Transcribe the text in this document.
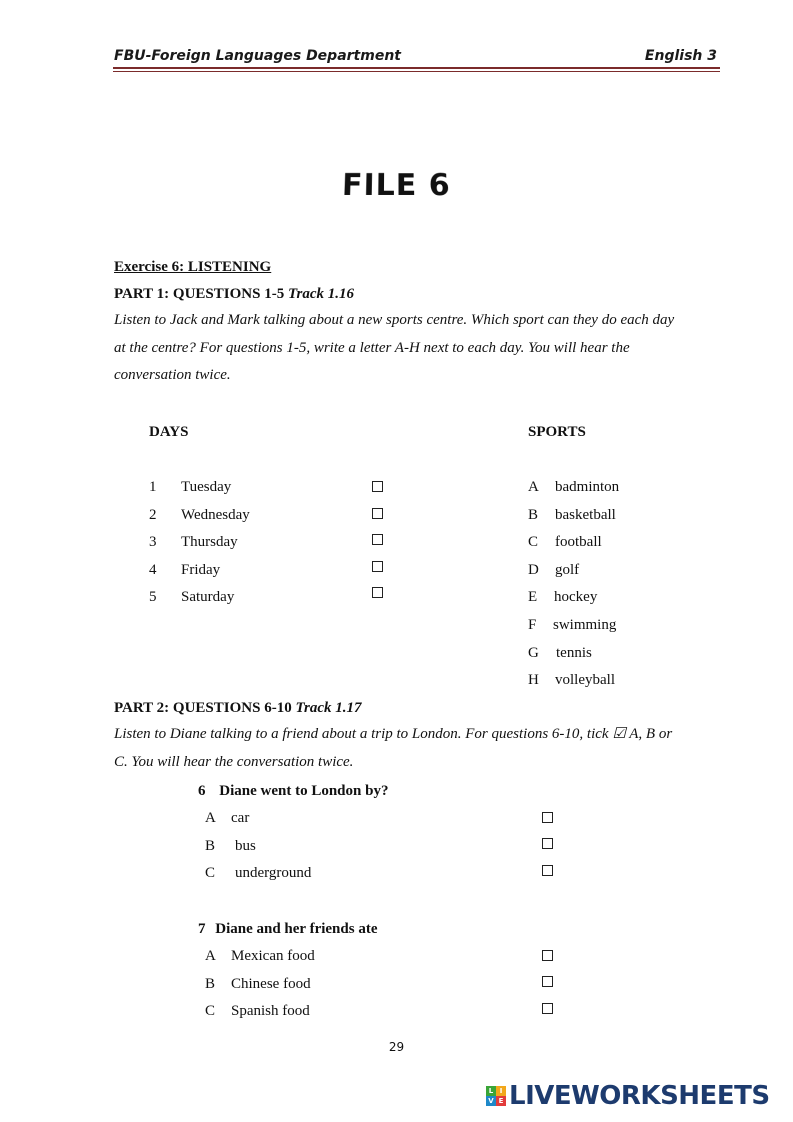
FBU-Foreign Languages Department	English 3
FILE 6
Exercise 6: LISTENING
PART 1: QUESTIONS 1-5 Track 1.16
Listen to Jack and Mark talking about a new sports centre. Which sport can they do each day
at the centre? For questions 1-5, write a letter A-H next to each day. You will hear the
conversation twice.
DAYS	SPORTS
1	Tuesday
2	Wednesday
3	Thursday
4	Friday
5	Saturday
A badminton
B basketball
C football
D golf
E hockey
F swimming
G tennis
H volleyball
PART 2: QUESTIONS 6-10 Track 1.17
Listen to Diane talking to a friend about a trip to London. For questions 6-10, tick ☑ A, B or
C. You will hear the conversation twice.
6 Diane went to London by?
A car
B bus
C underground
7 Diane and her friends ate
A Mexican food
B Chinese food
C Spanish food
29
L I
V E LIVEWORKSHEETS
